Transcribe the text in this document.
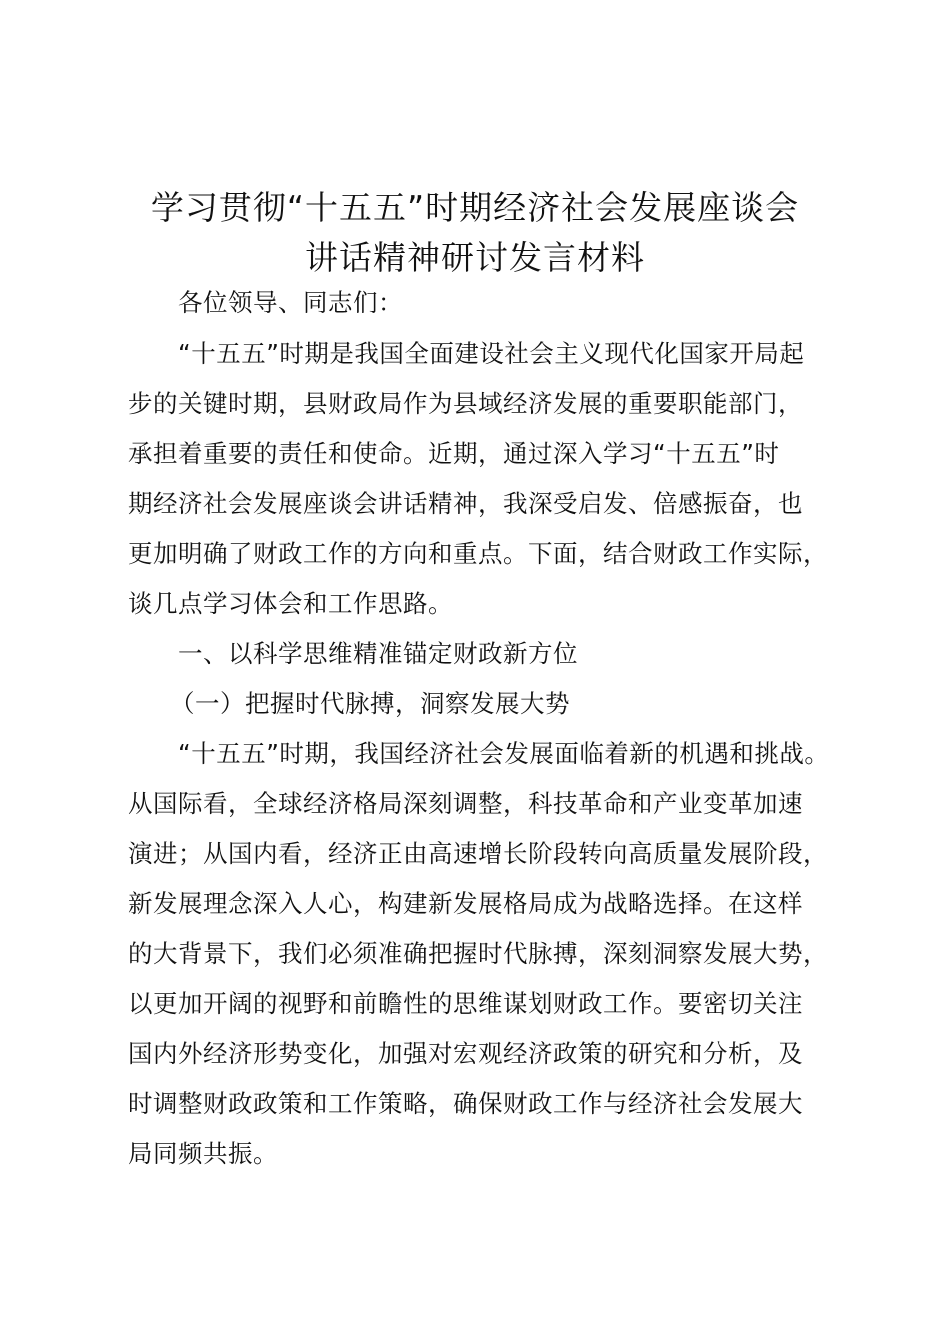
学习贯彻“十五五”时期经济社会发展座谈会
讲话精神研讨发言材料

各位领导、同志们：

“十五五”时期是我国全面建设社会主义现代化国家开局起

步的关键时期，县财政局作为县域经济发展的重要职能部门，

承担着重要的责任和使命。近期，通过深入学习“十五五”时

期经济社会发展座谈会讲话精神，我深受启发、倍感振奋，也

更加明确了财政工作的方向和重点。下面，结合财政工作实际，

谈几点学习体会和工作思路。

一、以科学思维精准锚定财政新方位

（一）把握时代脉搏，洞察发展大势

“十五五”时期，我国经济社会发展面临着新的机遇和挑战。

从国际看，全球经济格局深刻调整，科技革命和产业变革加速

演进；从国内看，经济正由高速增长阶段转向高质量发展阶段，

新发展理念深入人心，构建新发展格局成为战略选择。在这样

的大背景下，我们必须准确把握时代脉搏，深刻洞察发展大势，

以更加开阔的视野和前瞻性的思维谋划财政工作。要密切关注

国内外经济形势变化，加强对宏观经济政策的研究和分析，及

时调整财政政策和工作策略，确保财政工作与经济社会发展大

局同频共振。
